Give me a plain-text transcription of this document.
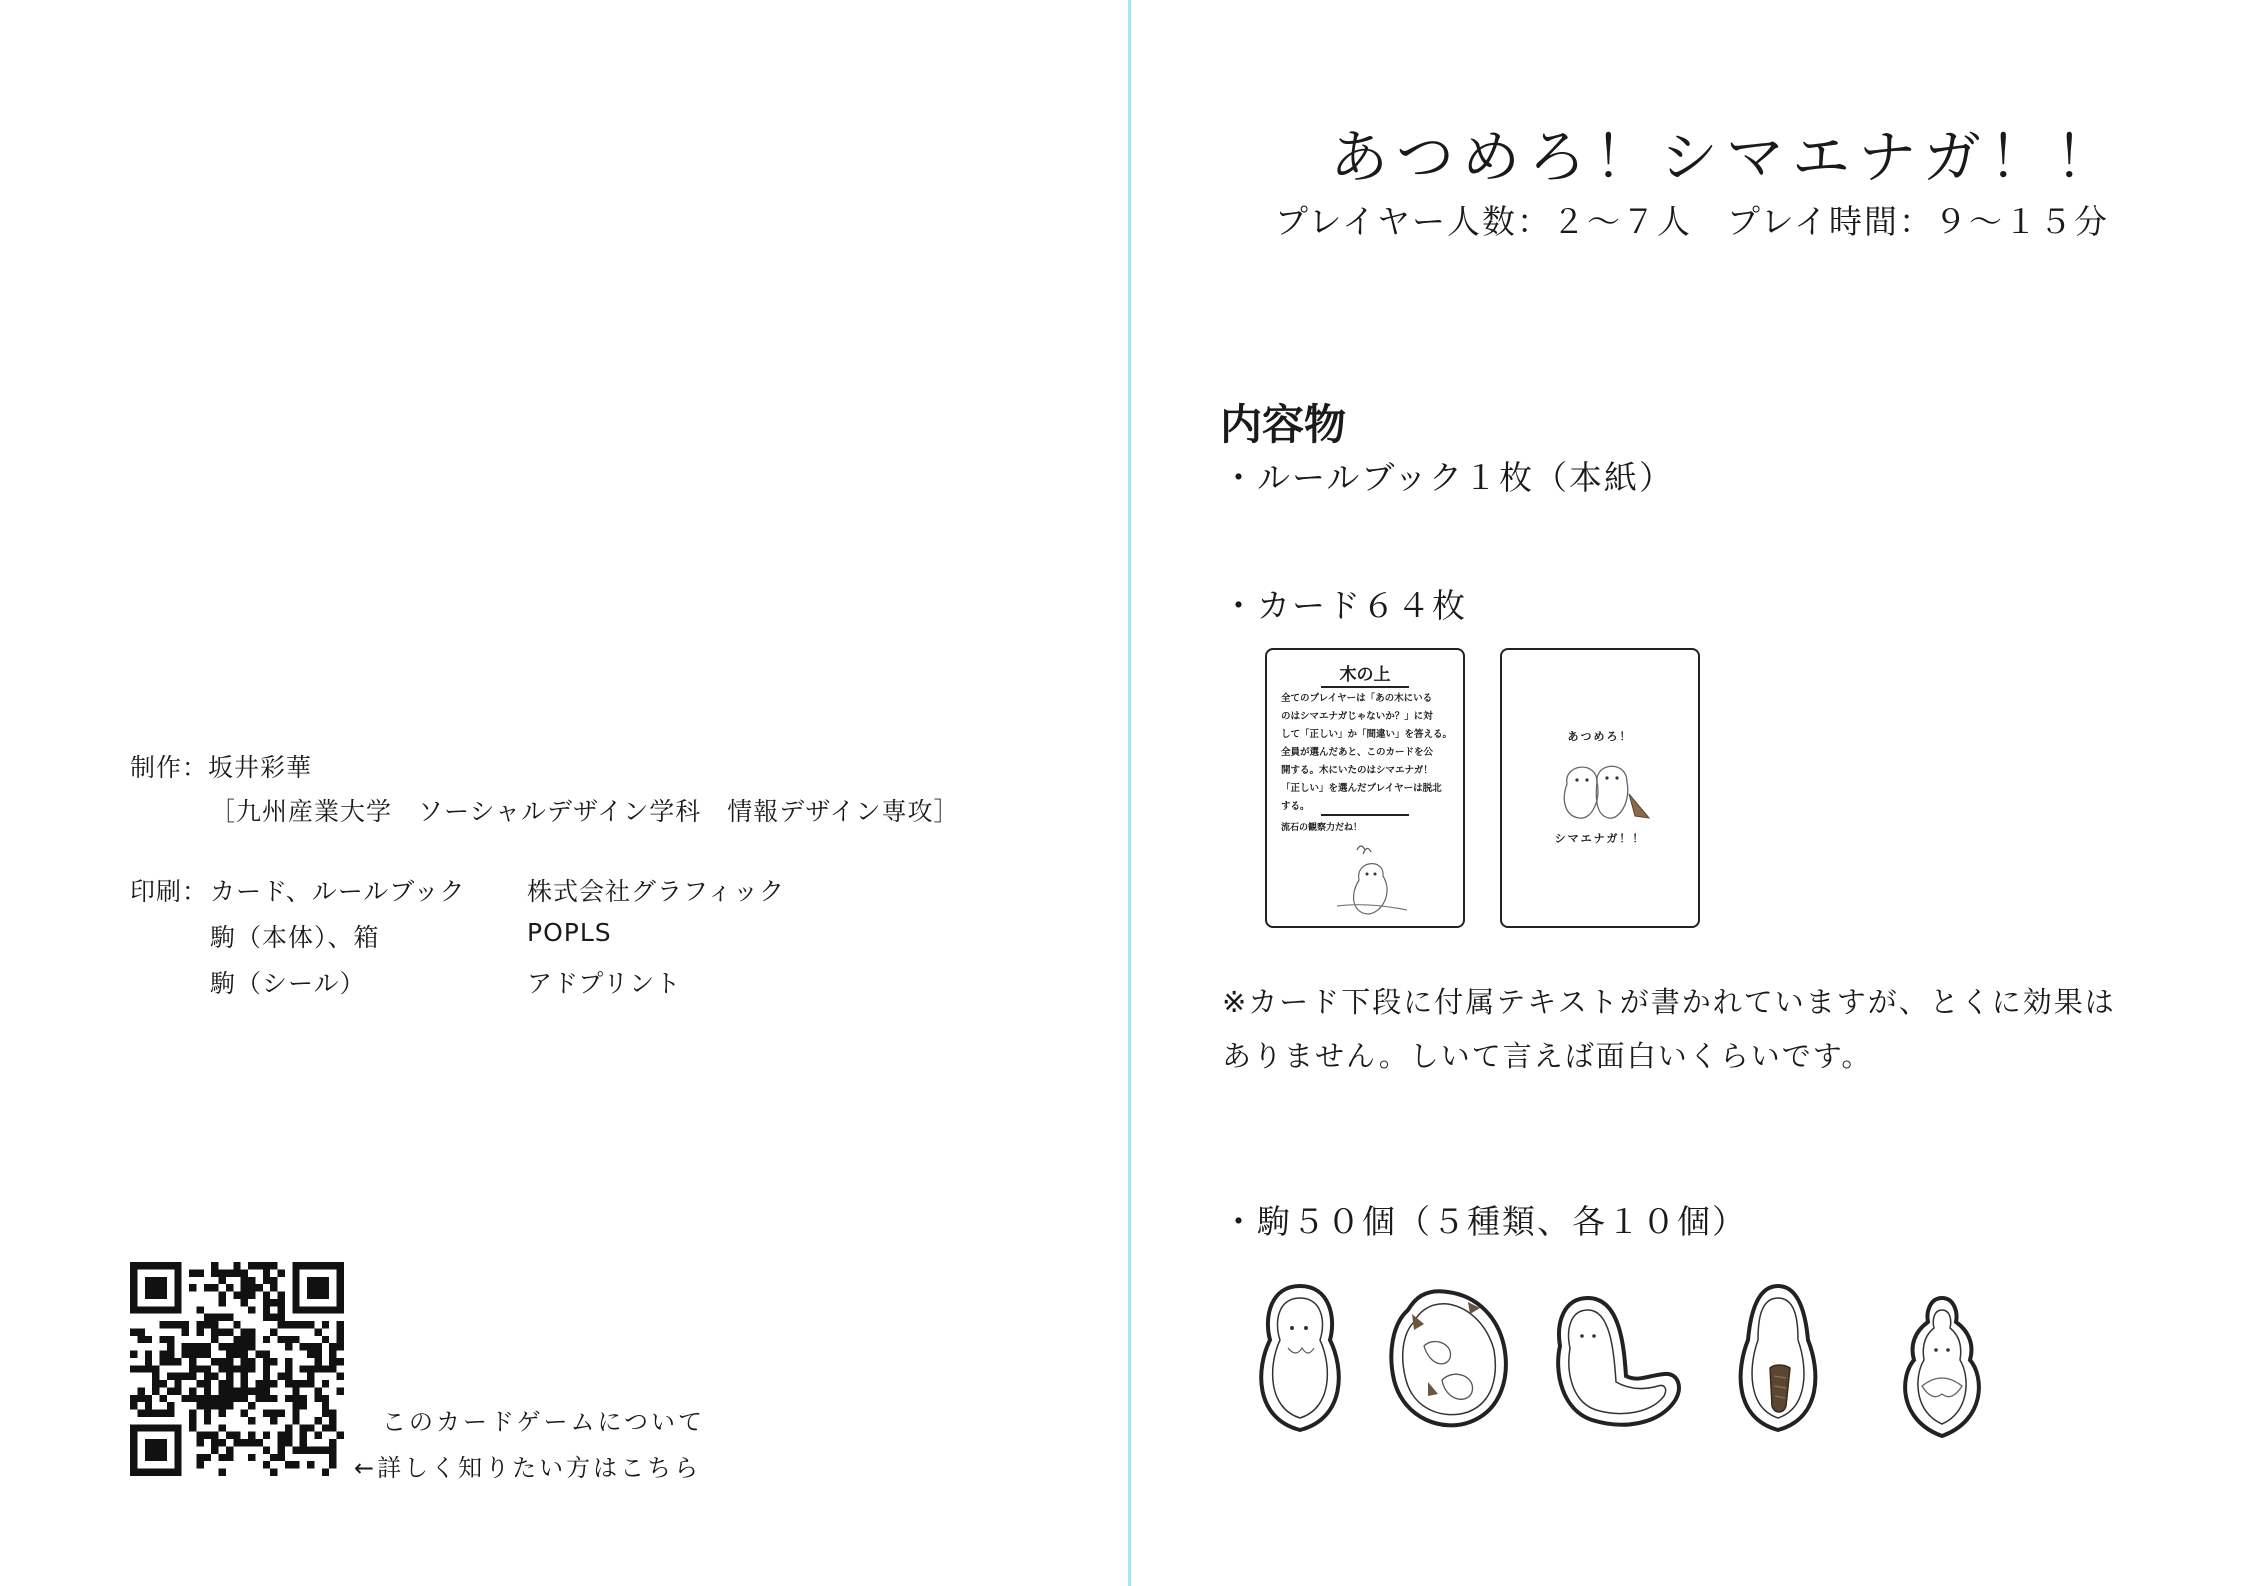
制作：坂井彩華
［九州産業大学　ソーシャルデザイン学科　情報デザイン専攻］
印刷： カード、ルールブック 株式会社グラフィック
駒（本体）、箱	POPLS
駒（シール）	アドプリント
このカードゲームについて
←詳しく知りたい方はこちら
あつめろ！シマエナガ！！
プレイヤー人数：２～７人　プレイ時間：９～１５分
内容物
・ルールブック１枚（本紙）
・カード６４枚
木の上
全てのプレイヤーは「あの木にいる
のはシマエナガじゃないか？」に対
して「正しい」か「間違い」を答える。
全員が選んだあと、このカードを公
開する。木にいたのはシマエナガ！
「正しい」を選んだプレイヤーは脱北
する。
流石の観察力だね！
あつめろ！
シマエナガ！！
※カード下段に付属テキストが書かれていますが、とくに効果は
ありません。しいて言えば面白いくらいです。
・駒５０個（５種類、各１０個）
